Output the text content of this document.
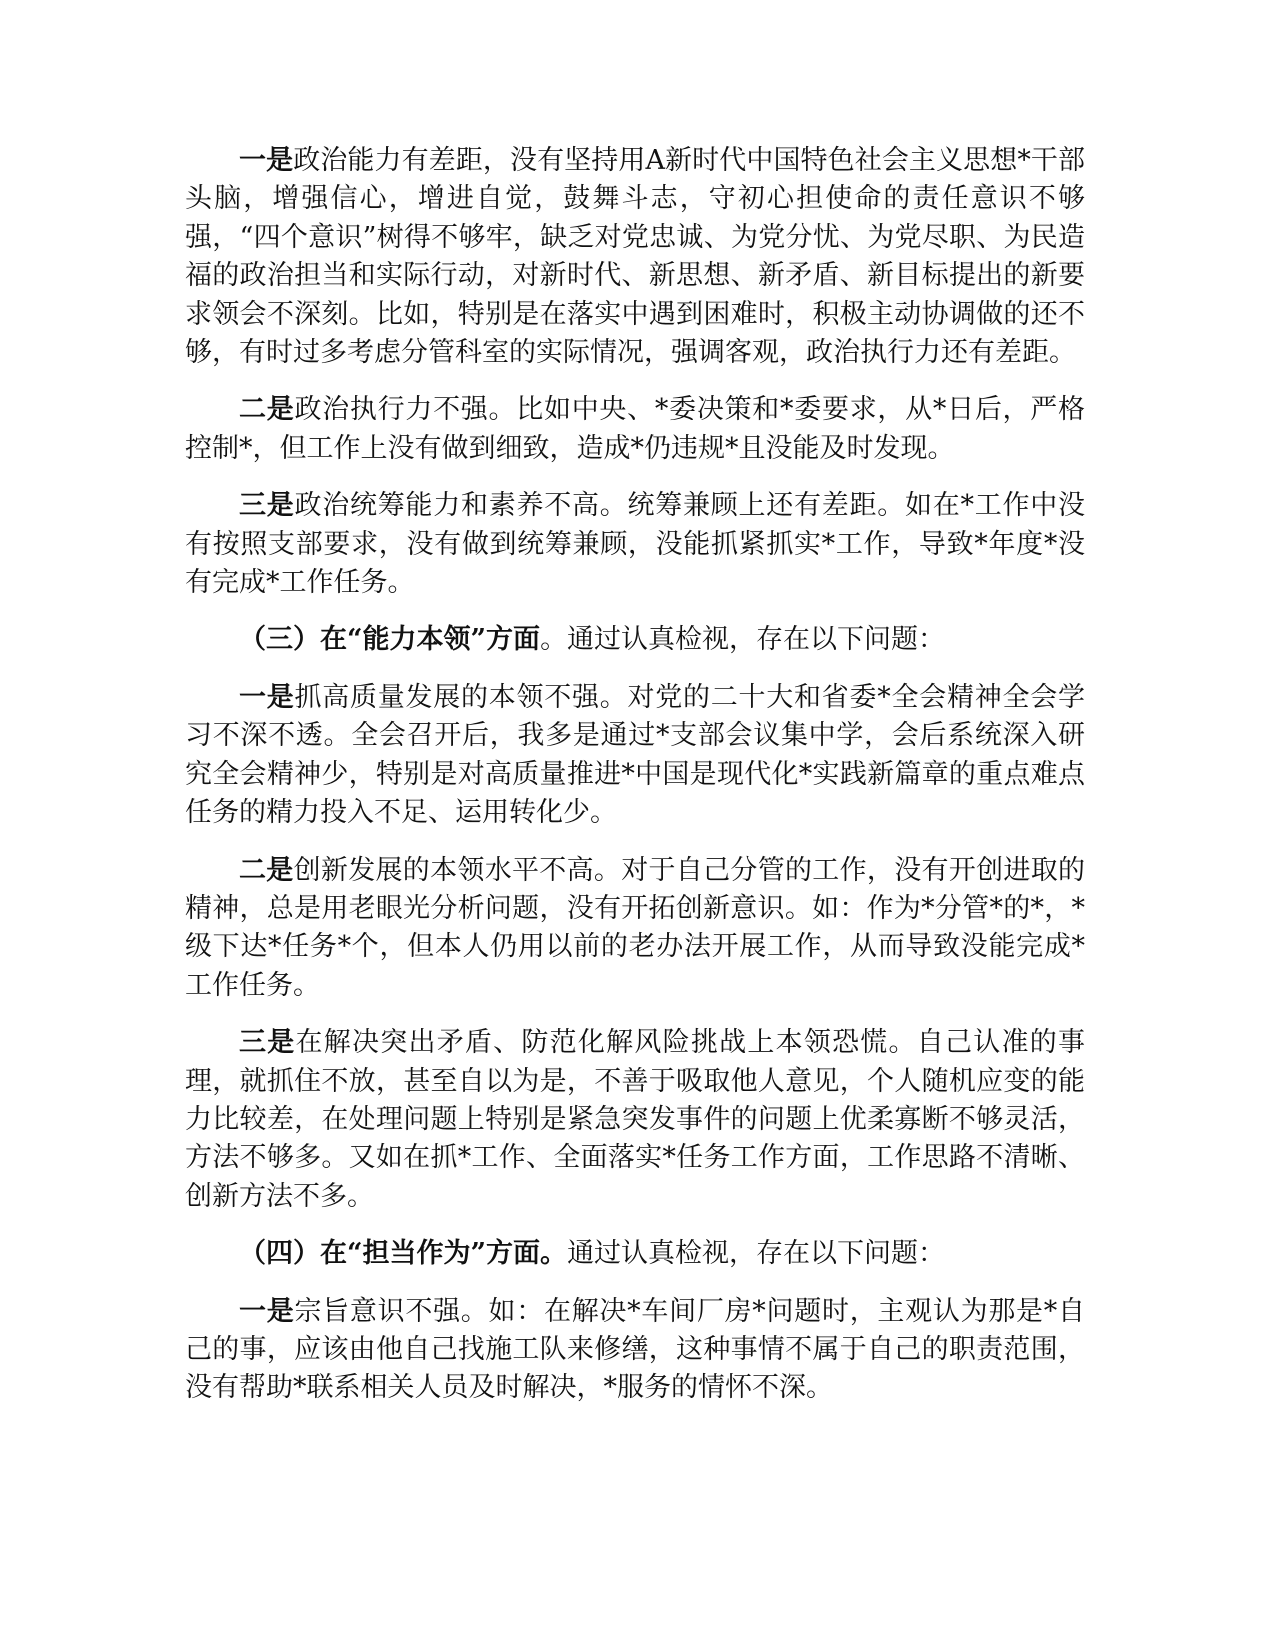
一是政治能力有差距，没有坚持用A新时代中国特色社会主义思想*干部头脑，增强信心，增进自觉，鼓舞斗志，守初心担使命的责任意识不够强，“四个意识”树得不够牢，缺乏对党忠诚、为党分忧、为党尽职、为民造福的政治担当和实际行动，对新时代、新思想、新矛盾、新目标提出的新要求领会不深刻。比如，特别是在落实中遇到困难时，积极主动协调做的还不够，有时过多考虑分管科室的实际情况，强调客观，政治执行力还有差距。

二是政治执行力不强。比如中央、*委决策和*委要求，从*日后，严格控制*，但工作上没有做到细致，造成*仍违规*且没能及时发现。

三是政治统筹能力和素养不高。统筹兼顾上还有差距。如在*工作中没有按照支部要求，没有做到统筹兼顾，没能抓紧抓实*工作，导致*年度*没有完成*工作任务。

（三）在“能力本领”方面。通过认真检视，存在以下问题：

一是抓高质量发展的本领不强。对党的二十大和省委*全会精神全会学习不深不透。全会召开后，我多是通过*支部会议集中学，会后系统深入研究全会精神少，特别是对高质量推进*中国是现代化*实践新篇章的重点难点任务的精力投入不足、运用转化少。

二是创新发展的本领水平不高。对于自己分管的工作，没有开创进取的精神，总是用老眼光分析问题，没有开拓创新意识。如：作为*分管*的*，*级下达*任务*个，但本人仍用以前的老办法开展工作，从而导致没能完成*工作任务。

三是在解决突出矛盾、防范化解风险挑战上本领恐慌。自己认准的事理，就抓住不放，甚至自以为是，不善于吸取他人意见，个人随机应变的能力比较差，在处理问题上特别是紧急突发事件的问题上优柔寡断不够灵活，方法不够多。又如在抓*工作、全面落实*任务工作方面，工作思路不清晰、创新方法不多。

（四）在“担当作为”方面。通过认真检视，存在以下问题：

一是宗旨意识不强。如：在解决*车间厂房*问题时，主观认为那是*自己的事，应该由他自己找施工队来修缮，这种事情不属于自己的职责范围，没有帮助*联系相关人员及时解决，*服务的情怀不深。
